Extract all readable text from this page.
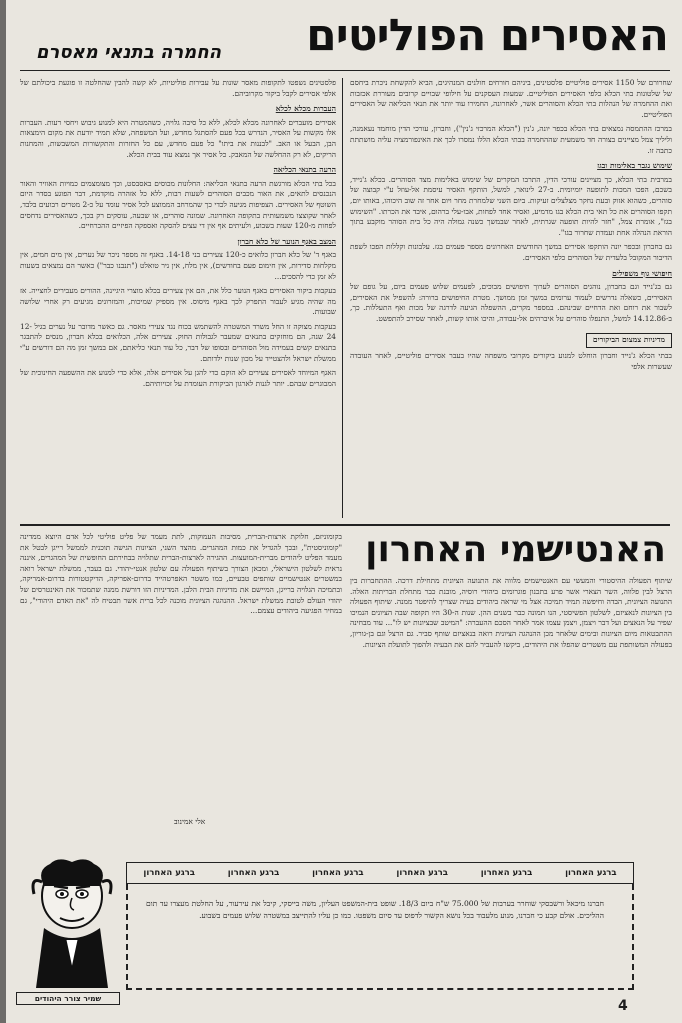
האסירים הפוליטים
החמרה בתנאי מאסרם

שחרורם של 1150 אסירים פוליטיים פלסטינים, ביניהם חורחים חולנים המנהיגים, הביא להקשחת ניכרת ביחסם של שלטונות בתי הכלא כלפי האסירים הפוליטיים. שמעות העסקנים על חילופי שבויים קרובים מעוררת אכזבות ואת ההחמרה של הנהלות בתי הכלא והסוהרים אשר, לאחרונה, החמירו עוד יותר את תנאי הכליאה של האסירים הפוליטיים.

במרכז ההתמסה נמצאים בתי הכלא בכפר יונה, ג'נין ("הכלא המרכזי ג'נין"), וחברון, עורכי הדין מוחמד נעאמנה, וליליך צמל מציינים בצורה חד משמעית שההחמרה בבתי הכלא הללו נמסרו לכך את האינפורמציה עליה מושתתת כתבה זו.

שימוש נגבר באלימות ובגז

במרבית בתי הכלא, כך מציינים עורכי הדין, התרבו המקרים של שימוש באלימות מצד הסוהרים. בכלא ג'נייד, בשכם, הפכו המכות לתופעה יומיומית. ב-27 לינואר, למשל, הותקף האסיר עיסמת אל-עוזל ע"י קבוצה של סוהרים, כשהוא אזוק ובעת נחקר מצלצלים זעיקות. ביום השני שלמחרת מחר ויום אחר זה שוב היכוהו, באותו יום, תקפו הסוהרים את כל תאי בית הכלא בגז מדמיע, ואסיר אחד לפחות, אבו-עלי ברהום, איבד את הכרתו. "השימוש בגז", אומרת צמל, "חזר להיות תופעה שגרתית, לאחר שבמשך כשנה גמולה היה כל בית הסוהר מוקבע בתוך הוראת הנהלה אחת ועמדת שחרור בגז".

גם בחברון ובכפר יונה הותקפו אסירים במשך החודשים האחרונים מספר פעמים בגז. עלבונות וקללות הפכו לשפת הדיבור המקובל בלעדית של הסוהרים כלפי האסירים.

חיפושי גוף משפילים

גם בג'נייד וגם בחברון, נוהגים הסוהרים לערוך חיפושים מבוכים, לפעמים שלוש פעמים ביום, על גופם של האסירים, כשאלה נדרשים לעמוד ערומים במשך זמן ממושך. מטרת החיפושים ברורה: להשפיל את האסירים, לשבור את רוחם ואת הדחיים שבינהם. במספר מקרים, ההשפלה הגיעה לדרגה של מכות ואף התעללות. כך, ב-14.12.86 למשל, התנפלו סוהרים על איברהים אל-עבודה, והיכו אותו קשות, לאחר שסירב להתפשט.

מדיניות צמצום הביקורים

בבתי הכלא ג'נייד וחברון הוחלט למנוע ביקורים מקרובי משפחה שהיו בעבר אסירים פוליטיים, לאחר העובדה שעשרות אלפי

פלסטינים נשפטו לתקופות מאסר שונות על עבירות פוליטיות, לא קשה להבין שהחלטה זו פוגעת ביכולתם של אלפי אסירים לקבל ביקור מקרוביהם.

העברות מכלא לכלא

אסירים מועברים לאחרונה מכלא לכלא, ללא כל סיבה גלויה, כשהמטרה היא למנוע גיבוש ויחסי רעות. העברות אלו מקשות על האסיר, הנדרש בכל פעם להסתגל מחדש, ועל המשפחה, שלא תמיד יודעת את מקום הימצאות הבן, הבעל או האב. "לבננות את ביתו" כל פעם מחדש, עם כל החזרות והתקשורות המשבשות, והמחנות הריקים, לא רק ההחלשה של המאבק. כל אסיר אך נמצא עוד בבית הכלא.

הרעה בתנאי הכליאה

בכל בתי הכלא מורגשת הרעה בתנאי הכליאה: החלונות מכוסים באסבסט, וכך מצומצמים כמויות האוויר והאור הנכנסים לתאים, את האור מכבים הסוהרים לשעות רבות, ללא כל אזהרה מוקדמת, דבר הפוגע בסדר היום השוטף של האסירים. הצפיפות מגיעה לכדי כך שהמרחב הממוצע לכל אסיר עומד על כ-2 מטרים רבועים בלבד, לאחר שקוצצו משמעותית בתקופה האחרונה. שמונה סוהרים, או שבעה, עוסקים רק בכך, כשהאסירים נדחסים לפחות מ-120 שעות בשבוע, ולעיתים אף אין די עצים להסקה ואספקה הפיזיים ההכרחיים.

המצב באגף הנוער של כלא חברון

באגף ד' של כלא חברון כלואים כ-120 צעירים בני 14-18. באגף זה מספר ניכר של נערים, אין מים חמים, אין מקלחות סדירות, אין חימום פעם בחודשים), אין מלח, אין ניר טואלט ("תנבנו כבר") כאשר הם נמצאים בשעות לא זמן כדי להסכים...

בעקבות ביקור האסירים באגף הנוער כלל את, הם אין צעירים בכלא מוצרי היגיינה, ההורים מעבירים לחצייה. אז מה שהיה מגיע לעבור התפרק לכך באגף מיסוס. אין מספיק שמיכות, והמזרונים מגיעים רק אחרי שלושה שבועות.

בעקבות מצוקה זו החל משרד המשטרה להשתמש בכוח נגד צעירי מאסר. גם כאשר מדובר על נערים בגיל 12-24 שנה, הם מוחזקים בתנאים שמעבר לגבולות החוק. צעירים אלה, הכלואים בכלא חברון, מנסים להתבגר בתנאים קשים בעמידה מול הסוהרים ובסופו של דבר, כל עוד תנאי כליאתם, אם במשך זמן מה הם דורשים ע"י ממשלת ישראל ולהצטייד על מכון שנות ילדותם.

האגף המיוחד לאסירים צעירים לא הוקם כדי להגן על אסירים אלה, אלא כדי למנוע את ההשפעה החינוכית של המבוגרים שבהם. יותר לגנות לארגון הביקורת העומדת על זכויותיהם.

האנטישמי האחרון

שיתוף הפעולה ההיסטורי והמעשי עם האנטישמים מלווה את התנועה הציונית מתחילת דרכה. ההתחברות בין הרצל לבין פלווה, השר הצארי אשר פרע בתכנון פוגרומים ביהודי רוסיה, מובנת כבר מתחלת הבריתות האלה. התנועה הציונית, הבדה וחיפשה תמיד תמיכה אצל מי שראה ביהודים בעיה שצריך להיפטר ממנה. שיתוף הפעולה בין הציונות לנאציזם, לשלטון הפשיסטי, הנו תמונה כבר בשנים ההן. שנות ה-30 היו תקופה שבה הציונים הנמיכו שפיר על הנאצים ועל דבר ויצמן, ויצמן עצמו אמר לאחר הסכם ההעברה: "המיטב שבציונות יש לו"... עוד מבחינה ההתבטאות מיום הציונות ובימים שלאחר מכן ההנהגה הציונית רואה בנאציזם שותף סביר. גם הרצל וגם בן-גוריון, בפעולה המשותפת עם משטרים שהפלו את היהודים, ביקשו להעביר להם את הבעיה ולהפוך לתועלת הציונות.

בקומוניזם, חלוקת ארצות-הברית, מסיבות העמוקות, לתת מעמד של פליט פוליטי לכל אדם היוצא ממדינה "קומוניסטית", ובכך להגדיל את כמות המהגרים. מהצד השני, הציונות הגישה תוכנית לממשל רייגן לבטל את מעמד הפליט ליהודים מברית-המועצות. ההגירה לארצות-הברית שתלויה בבחירתם החופשית של המהגרים, איננה נראית לשלטון הישראלי, ומכאן הצורך בשיתוף הפעולה עם שלטון אנטי-יהודי. גם בעבר, ממשלת ישראל רואה במשטרים אנטישמיים שותפים טבעיים, כמו משטר האפרטהייד בדרום-אפריקה, הדיקטטורות בדרום-אמריקה, ובתמיכה הגלויה ברייגן, המיישם את מדיניות הבית הלבן. המדיניות הזו דורשת ממנה שתמכור את האינטרסים של יהודי העולם לטובת ממשלת ישראל. ההנהגה הציונית מוכנה לכל ברית אשר תבטיח לה "את האדם היהודי", גם במחיר הפגיעה ביהודים עצמם...

אלי אמינוב
ברגע האחרון
ברגע האחרון
ברגע האחרון
ברגע האחרון
ברגע האחרון
ברגע האחרון
חברנו מיכאל ורשבסקי שוחרר בערבות של 75.000 ש"ח ביום 18/3. שופט בית-המשפט העליון, משה בייסקי, קיבל את עירעור, על החלטת מעצרו עד תום ההליכים. אולם קבע כי חברנו, מנוע מלעבוד בכל נושא הקשור לדפוס עד סיום משפטו. כמו כן עליו להתייצב במשטרה שלוש פעמים בשבוע.
שמיר צורר היהודים	4
